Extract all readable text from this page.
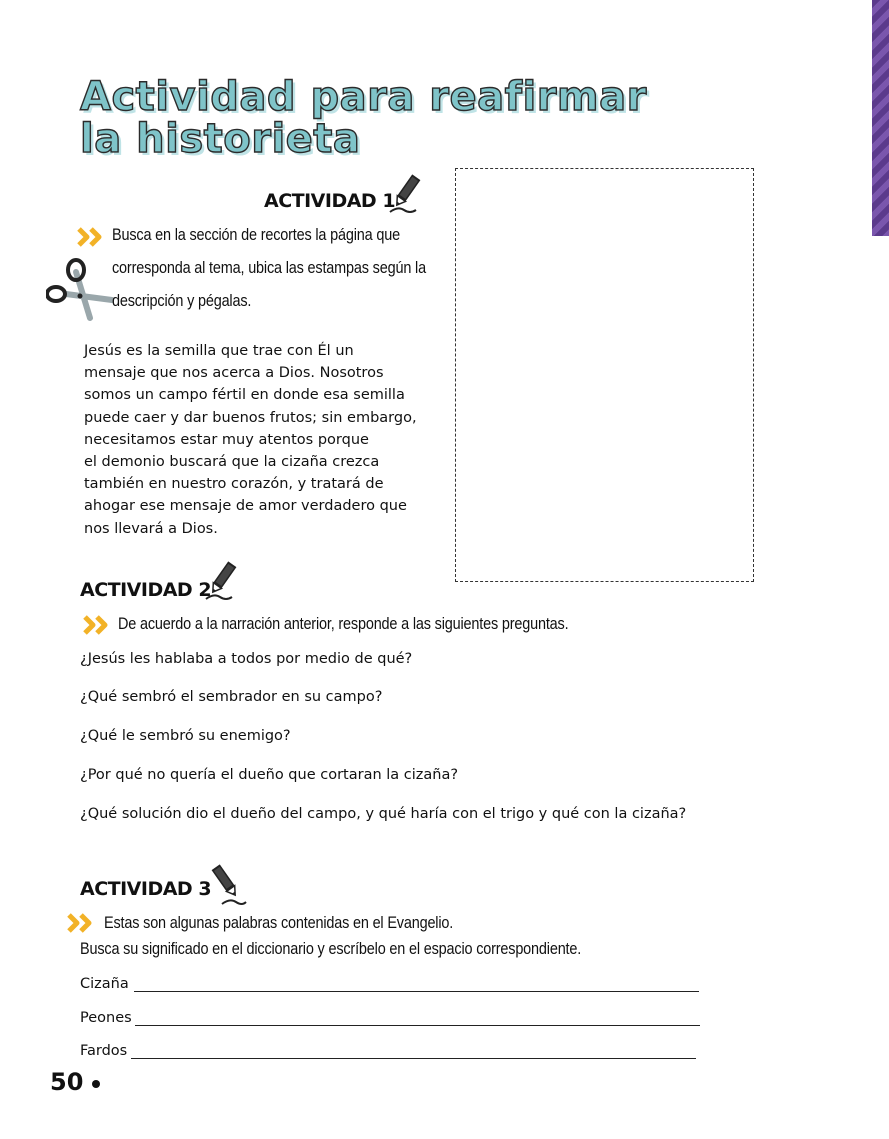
Actividad para reafirmar
la historieta
ACTIVIDAD 1
Busca en la sección de recortes la página que
corresponda al tema, ubica las estampas según la
descripción y pégalas.

Jesús es la semilla que trae con Él un
mensaje que nos acerca a Dios. Nosotros
somos un campo fértil en donde esa semilla
puede caer y dar buenos frutos; sin embargo,
necesitamos estar muy atentos porque
el demonio buscará que la cizaña crezca
también en nuestro corazón, y tratará de
ahogar ese mensaje de amor verdadero que
nos llevará a Dios.

ACTIVIDAD 2
De acuerdo a la narración anterior, responde a las siguientes preguntas.
¿Jesús les hablaba a todos por medio de qué?
¿Qué sembró el sembrador en su campo?
¿Qué le sembró su enemigo?
¿Por qué no quería el dueño que cortaran la cizaña?
¿Qué solución dio el dueño del campo, y qué haría con el trigo y qué con la cizaña?
ACTIVIDAD 3
Estas son algunas palabras contenidas en el Evangelio.
Busca su significado en el diccionario y escríbelo en el espacio correspondiente.
Cizaña
Peones
Fardos
50
